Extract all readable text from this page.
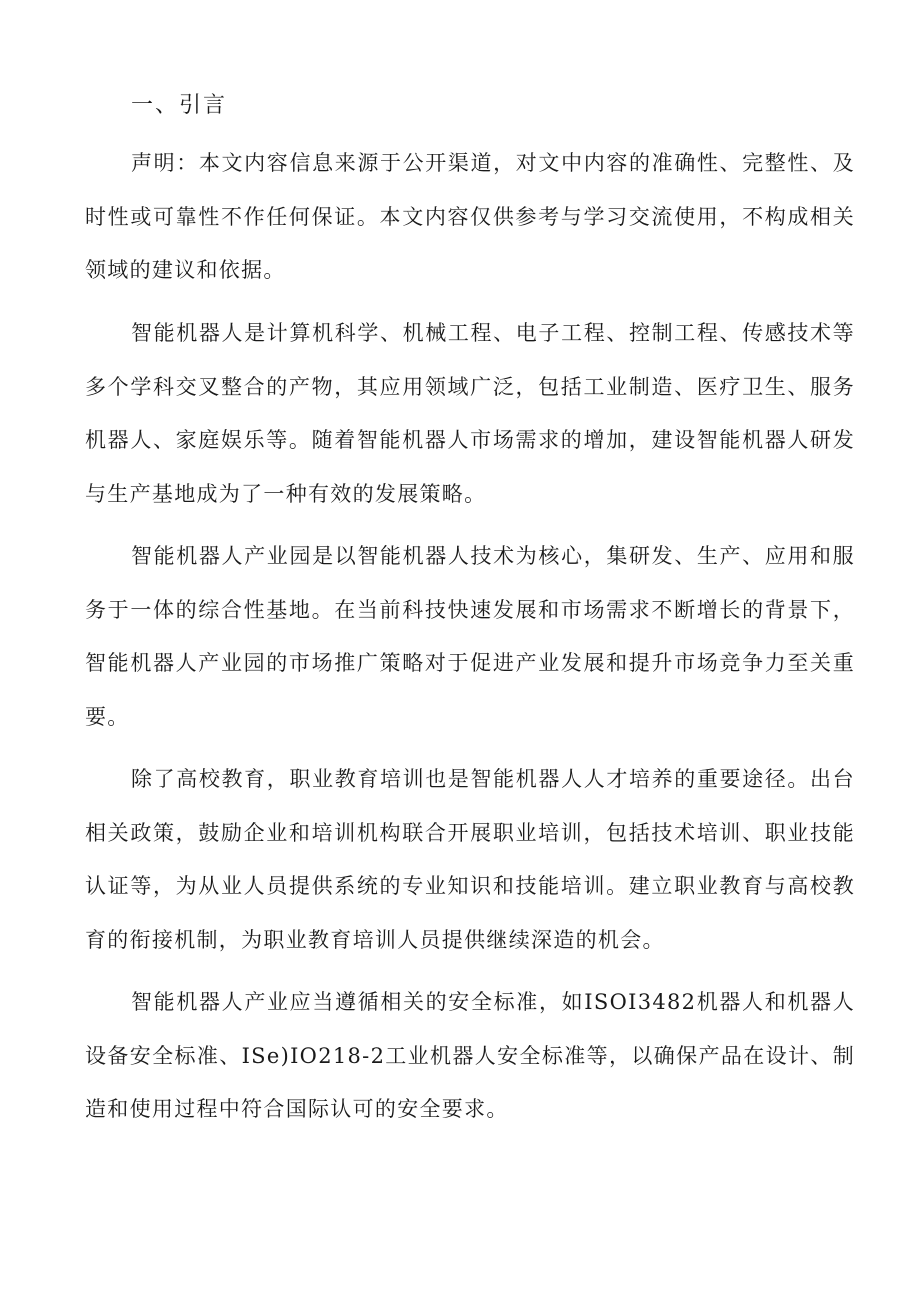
一、引言

声明：本文内容信息来源于公开渠道，对文中内容的准确性、完整性、及时性或可靠性不作任何保证。本文内容仅供参考与学习交流使用，不构成相关领域的建议和依据。

智能机器人是计算机科学、机械工程、电子工程、控制工程、传感技术等多个学科交叉整合的产物，其应用领域广泛，包括工业制造、医疗卫生、服务机器人、家庭娱乐等。随着智能机器人市场需求的增加，建设智能机器人研发与生产基地成为了一种有效的发展策略。

智能机器人产业园是以智能机器人技术为核心，集研发、生产、应用和服务于一体的综合性基地。在当前科技快速发展和市场需求不断增长的背景下，智能机器人产业园的市场推广策略对于促进产业发展和提升市场竞争力至关重要。

除了高校教育，职业教育培训也是智能机器人人才培养的重要途径。出台相关政策，鼓励企业和培训机构联合开展职业培训，包括技术培训、职业技能认证等，为从业人员提供系统的专业知识和技能培训。建立职业教育与高校教育的衔接机制，为职业教育培训人员提供继续深造的机会。

智能机器人产业应当遵循相关的安全标准，如ISOI3482机器人和机器人设备安全标准、ISe)IO218-2工业机器人安全标准等，以确保产品在设计、制造和使用过程中符合国际认可的安全要求。
